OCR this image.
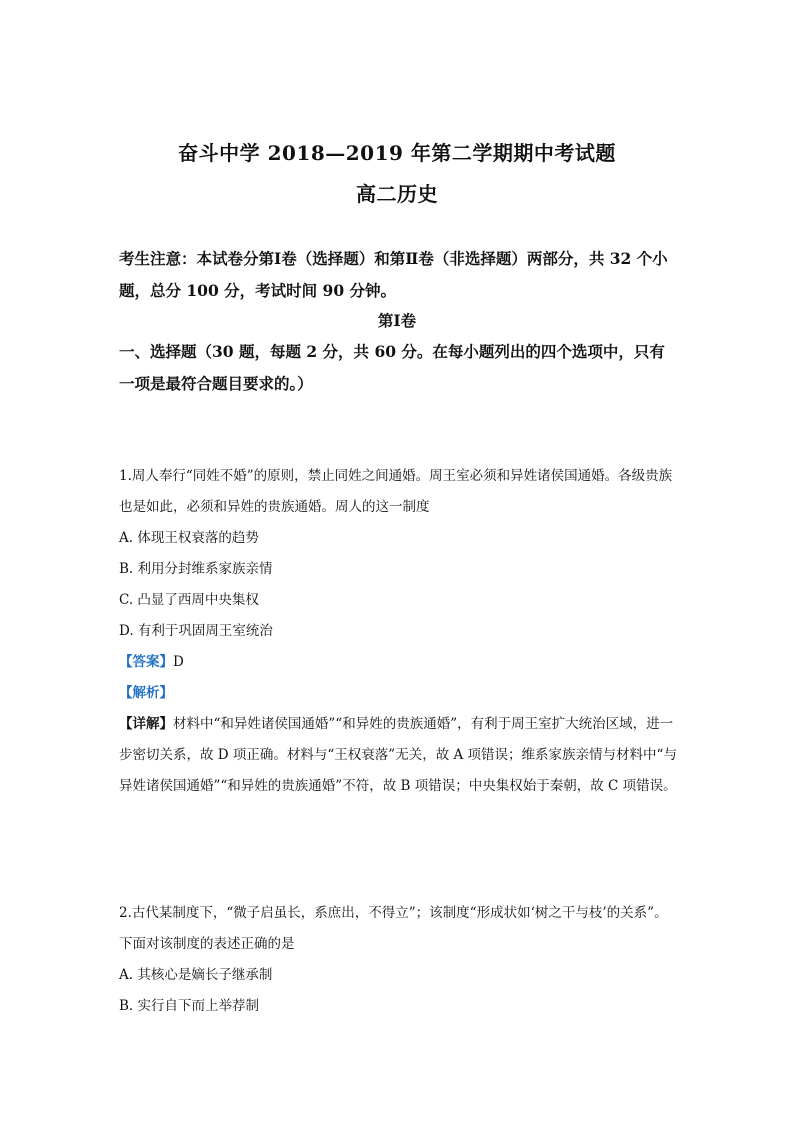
奋斗中学 2018—2019 年第二学期期中考试题
高二历史
考生注意：本试卷分第Ⅰ卷（选择题）和第Ⅱ卷（非选择题）两部分，共 32 个小题，总分 100 分，考试时间 90 分钟。
第Ⅰ卷
一、选择题（30 题，每题 2 分，共 60 分。在每小题列出的四个选项中，只有一项是最符合题目要求的。）

1.周人奉行“同姓不婚”的原则，禁止同姓之间通婚。周王室必须和异姓诸侯国通婚。各级贵族也是如此，必须和异姓的贵族通婚。周人的这一制度

A. 体现王权衰落的趋势

B. 利用分封维系家族亲情

C. 凸显了西周中央集权

D. 有利于巩固周王室统治

【答案】D

【解析】

【详解】材料中“和异姓诸侯国通婚”“和异姓的贵族通婚”，有利于周王室扩大统治区域，进一步密切关系，故 D 项正确。材料与“王权衰落”无关，故 A 项错误；维系家族亲情与材料中“与异姓诸侯国通婚”“和异姓的贵族通婚”不符，故 B 项错误；中央集权始于秦朝，故 C 项错误。

2.古代某制度下，“微子启虽长，系庶出，不得立”；该制度“形成状如‘树之干与枝’的关系”。下面对该制度的表述正确的是

A. 其核心是嫡长子继承制

B. 实行自下而上举荐制
